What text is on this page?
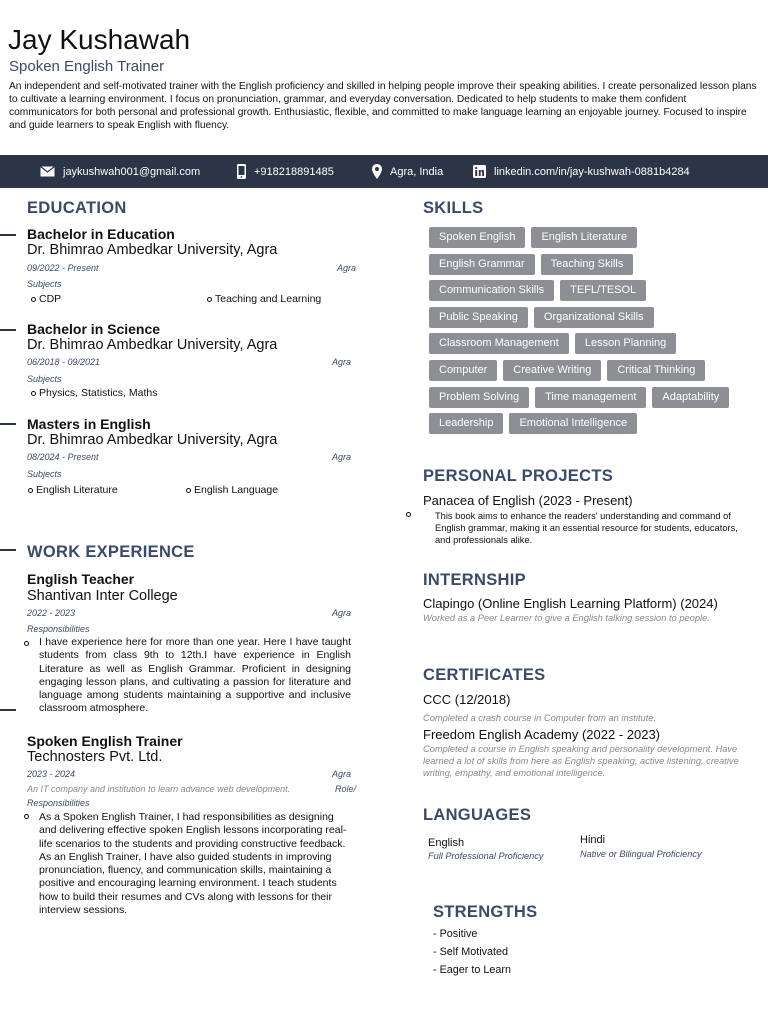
Jay Kushawah
Spoken English Trainer
An independent and self-motivated trainer with the English proficiency and skilled in helping people improve their speaking abilities. I create personalized lesson plans to cultivate a learning environment. I focus on pronunciation, grammar, and everyday conversation. Dedicated to help students to make them confident communicators for both personal and professional growth. Enthusiastic, flexible, and committed to make language learning an enjoyable journey. Focused to inspire and guide learners to speak English with fluency.
jaykushwah001@gmail.com	+918218891485	Agra, India	linkedin.com/in/jay-kushwah-0881b4284
EDUCATION
Bachelor in Education
Dr. Bhimrao Ambedkar University, Agra
09/2022 - Present	Agra
Subjects
CDP	Teaching and Learning
Bachelor in Science
Dr. Bhimrao Ambedkar University, Agra
06/2018 - 09/2021	Agra
Subjects
Physics, Statistics, Maths
Masters in English
Dr. Bhimrao Ambedkar University, Agra
08/2024 - Present	Agra
Subjects
English Literature	English Language
WORK EXPERIENCE
English Teacher
Shantivan Inter College
2022 - 2023	Agra
Responsibilities
I have experience here for more than one year. Here I have taught students from class 9th to 12th.I have experience in English Literature as well as English Grammar. Proficient in designing engaging lesson plans, and cultivating a passion for literature and language among students maintaining a supportive and inclusive classroom atmosphere.
Spoken English Trainer
Technosters Pvt. Ltd.
2023 - 2024	Agra
An IT company and institution to learn advance web development.	Role/
Responsibilities
As a Spoken English Trainer, I had responsibilities as designing and delivering effective spoken English lessons incorporating real-life scenarios to the students and providing constructive feedback. As an English Trainer, I have also guided students in improving pronunciation, fluency, and communication skills, maintaining a positive and encouraging learning environment. I teach students how to build their resumes and CVs along with lessons for their interview sessions.
SKILLS
Spoken English	English Literature
English Grammar	Teaching Skills
Communication Skills	TEFL/TESOL
Public Speaking	Organizational Skills
Classroom Management	Lesson Planning
Computer	Creative Writing	Critical Thinking
Problem Solving	Time management	Adaptability
Leadership	Emotional Intelligence
PERSONAL PROJECTS
Panacea of English (2023 - Present)
This book aims to enhance the readers' understanding and command of English grammar, making it an essential resource for students, educators, and professionals alike.
INTERNSHIP
Clapingo (Online English Learning Platform) (2024)
Worked as a Peer Learner to give a English talking session to people.
CERTIFICATES
CCC (12/2018)
Completed a crash course in Computer from an institute.
Freedom English Academy (2022 - 2023)
Completed a course in English speaking and personality development. Have learned a lot of skills from here as English speaking, active listening, creative writing, empathy, and emotional intelligence.
LANGUAGES
English
Full Professional Proficiency
Hindi
Native or Bilingual Proficiency
STRENGTHS
- Positive
- Self Motivated
- Eager to Learn
